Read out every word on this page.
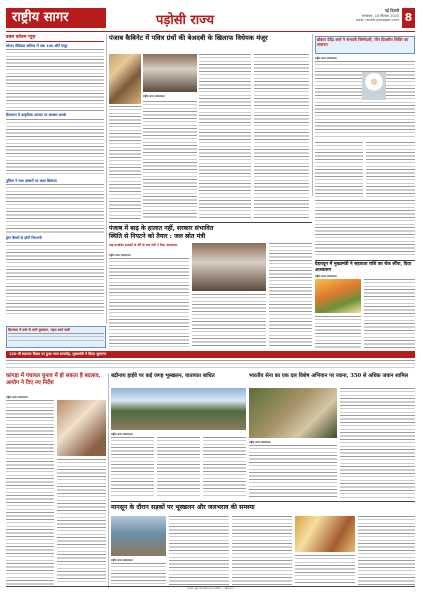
राष्ट्रीय सागर	पड़ोसी राज्य
नई दिल्ली
मंगलवार, 16 सितंबर 2025
web: rashtriyasagar.com 8
डबल कॉलम न्यूज़
सोलन मेडिकल कॉलेज में अब 100 सीटें मंजूर
हिमाचल में प्राकृतिक आपदा पर सरकार सतर्क
पुलिस ने नशा तस्करों पर कसा शिकंजा
ड्रोन कैमरों से होगी निगरानी
पंजाब कैबिनेट में पवित्र ग्रंथों की बेअदबी के खिलाफ विधेयक मंजूर
राष्ट्रीय सागर संवाददाता
डॉक्टर देवेंद्र शर्मा ने संभाली जिम्मेदारी, तीन दिवसीय शिविर का समापन
राष्ट्रीय सागर संवाददाता
पंजाब में बाढ़ के हालात नहीं, सरकार संभावित
स्थिति से निपटने को तैयार : जल स्रोत मंत्री
बाढ़ प्रभावित इलाकों के दौरे के बाद मंत्री ने दिया आश्वासन
राष्ट्रीय सागर संवाददाता
देहरादून में मुख्यमंत्री ने सहायता राशि का चेक सौंपा, दिया आश्वासन
राष्ट्रीय सागर संवाददाता
हिमाचल में वर्षा से भारी नुकसान, राहत कार्य जारी
120 वीं स्थापना दिवस पर हुआ भव्य समारोह, मुख्यमंत्री ने किया शुभारंभ
कांगड़ा में पंचायत चुनाव में हो सकता है बदलाव, आयोग ने दिए नए निर्देश
राष्ट्रीय सागर संवाददाता
बद्रीनाथ हाईवे पर कई जगह भूस्खलन, यातायात बाधित
राष्ट्रीय सागर संवाददाता
भारतीय सेना का एक दल विशेष अभियान पर रवाना, 350 से अधिक जवान शामिल
राष्ट्रीय सागर संवाददाता
मानसून के दौरान सड़कों पर भूस्खलन और जलभराव की समस्या
राष्ट्रीय सागर संवाददाता
संपादक, मुद्रक एवं प्रकाशक द्वारा प्रकाशित — राष्ट्रीय सागर
